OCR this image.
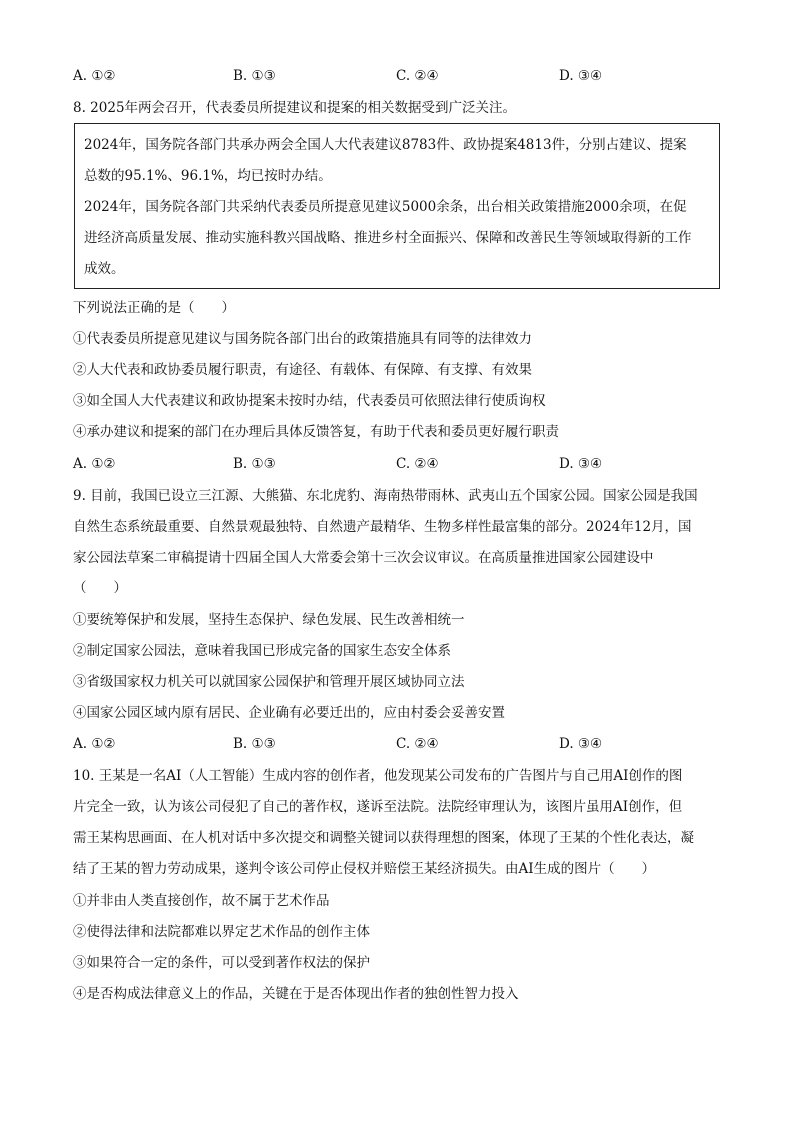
A. ①②	B. ①③	C. ②④	D. ③④
8. 2025年两会召开，代表委员所提建议和提案的相关数据受到广泛关注。
2024年，国务院各部门共承办两会全国人大代表建议8783件、政协提案4813件，分别占建议、提案
总数的95.1%、96.1%，均已按时办结。
2024年，国务院各部门共采纳代表委员所提意见建议5000余条，出台相关政策措施2000余项，在促
进经济高质量发展、推动实施科教兴国战略、推进乡村全面振兴、保障和改善民生等领域取得新的工作
成效。
下列说法正确的是（　　）
①代表委员所提意见建议与国务院各部门出台的政策措施具有同等的法律效力
②人大代表和政协委员履行职责，有途径、有载体、有保障、有支撑、有效果
③如全国人大代表建议和政协提案未按时办结，代表委员可依照法律行使质询权
④承办建议和提案的部门在办理后具体反馈答复，有助于代表和委员更好履行职责
A. ①②	B. ①③	C. ②④	D. ③④
9. 目前，我国已设立三江源、大熊猫、东北虎豹、海南热带雨林、武夷山五个国家公园。国家公园是我国
自然生态系统最重要、自然景观最独特、自然遗产最精华、生物多样性最富集的部分。2024年12月，国
家公园法草案二审稿提请十四届全国人大常委会第十三次会议审议。在高质量推进国家公园建设中
（　　）
①要统筹保护和发展，坚持生态保护、绿色发展、民生改善相统一
②制定国家公园法，意味着我国已形成完备的国家生态安全体系
③省级国家权力机关可以就国家公园保护和管理开展区域协同立法
④国家公园区域内原有居民、企业确有必要迁出的，应由村委会妥善安置
A. ①②	B. ①③	C. ②④	D. ③④
10. 王某是一名AI（人工智能）生成内容的创作者，他发现某公司发布的广告图片与自己用AI创作的图
片完全一致，认为该公司侵犯了自己的著作权，遂诉至法院。法院经审理认为，该图片虽用AI创作，但
需王某构思画面、在人机对话中多次提交和调整关键词以获得理想的图案，体现了王某的个性化表达，凝
结了王某的智力劳动成果，遂判令该公司停止侵权并赔偿王某经济损失。由AI生成的图片（　　）
①并非由人类直接创作，故不属于艺术作品
②使得法律和法院都难以界定艺术作品的创作主体
③如果符合一定的条件，可以受到著作权法的保护
④是否构成法律意义上的作品，关键在于是否体现出作者的独创性智力投入
